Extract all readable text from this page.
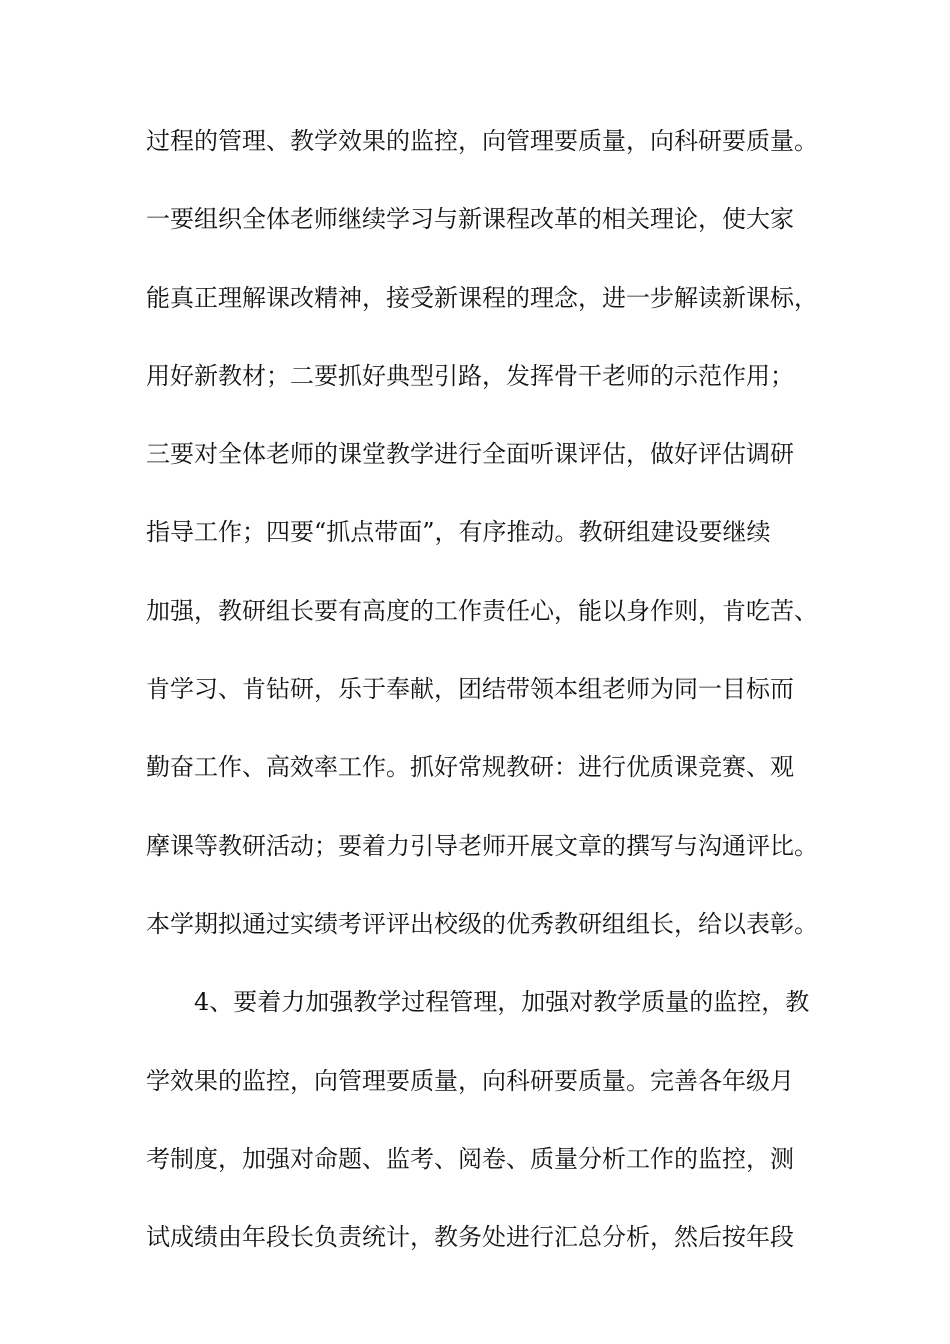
过程的管理、教学效果的监控，向管理要质量，向科研要质量。
一要组织全体老师继续学习与新课程改革的相关理论，使大家
能真正理解课改精神，接受新课程的理念，进一步解读新课标，
用好新教材；二要抓好典型引路，发挥骨干老师的示范作用；
三要对全体老师的课堂教学进行全面听课评估，做好评估调研
指导工作；四要“抓点带面”，有序推动。教研组建设要继续
加强，教研组长要有高度的工作责任心，能以身作则，肯吃苦、
肯学习、肯钻研，乐于奉献，团结带领本组老师为同一目标而
勤奋工作、高效率工作。抓好常规教研：进行优质课竞赛、观
摩课等教研活动；要着力引导老师开展文章的撰写与沟通评比。
本学期拟通过实绩考评评出校级的优秀教研组组长，给以表彰。
4、要着力加强教学过程管理，加强对教学质量的监控，教
学效果的监控，向管理要质量，向科研要质量。完善各年级月
考制度，加强对命题、监考、阅卷、质量分析工作的监控，测
试成绩由年段长负责统计，教务处进行汇总分析，然后按年段
